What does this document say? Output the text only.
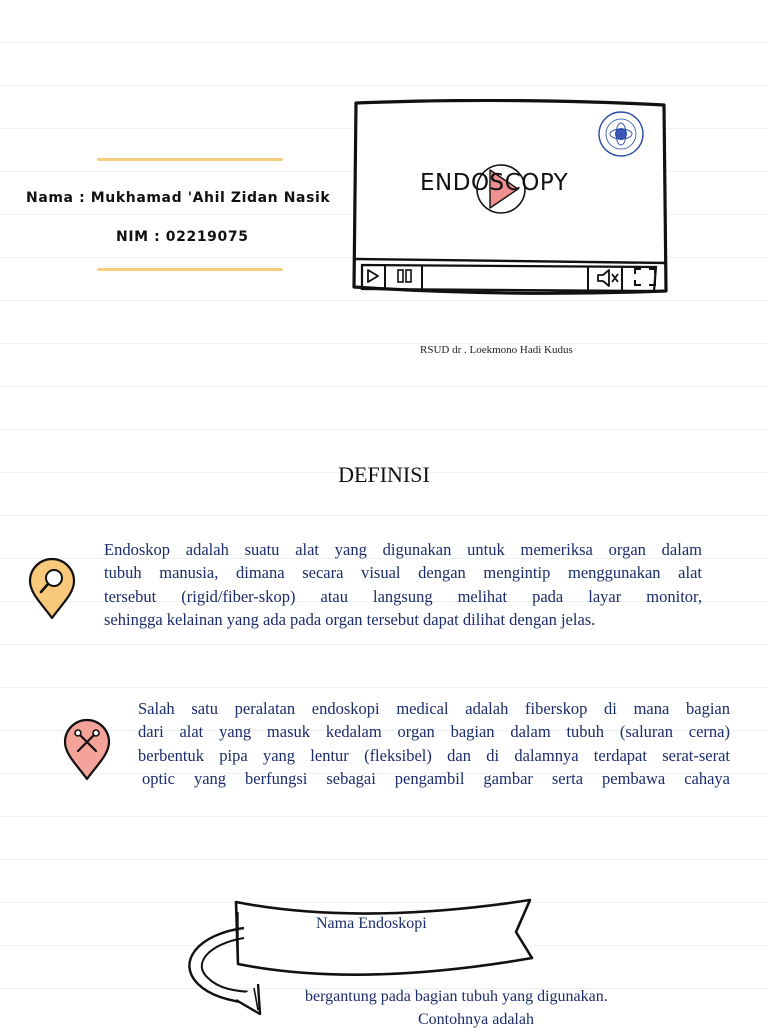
Nama : Mukhamad 'Ahil Zidan Nasik
NIM : 02219075
ENDOSCOPY
RSUD dr . Loekmono Hadi Kudus
DEFINISI
Endoskop adalah suatu alat yang digunakan untuk memeriksa organ dalam
tubuh manusia, dimana secara visual dengan mengintip menggunakan alat
tersebut (rigid/fiber-skop) atau langsung melihat pada layar monitor,
sehingga kelainan yang ada pada organ tersebut dapat dilihat dengan jelas.
Salah satu peralatan endoskopi medical adalah fiberskop di mana bagian
dari alat yang masuk kedalam organ bagian dalam tubuh (saluran cerna)
berbentuk pipa yang lentur (fleksibel) dan di dalamnya terdapat serat-serat
optic yang berfungsi sebagai pengambil gambar serta pembawa cahaya
Nama Endoskopi
bergantung pada bagian tubuh yang digunakan.
Contohnya adalah
